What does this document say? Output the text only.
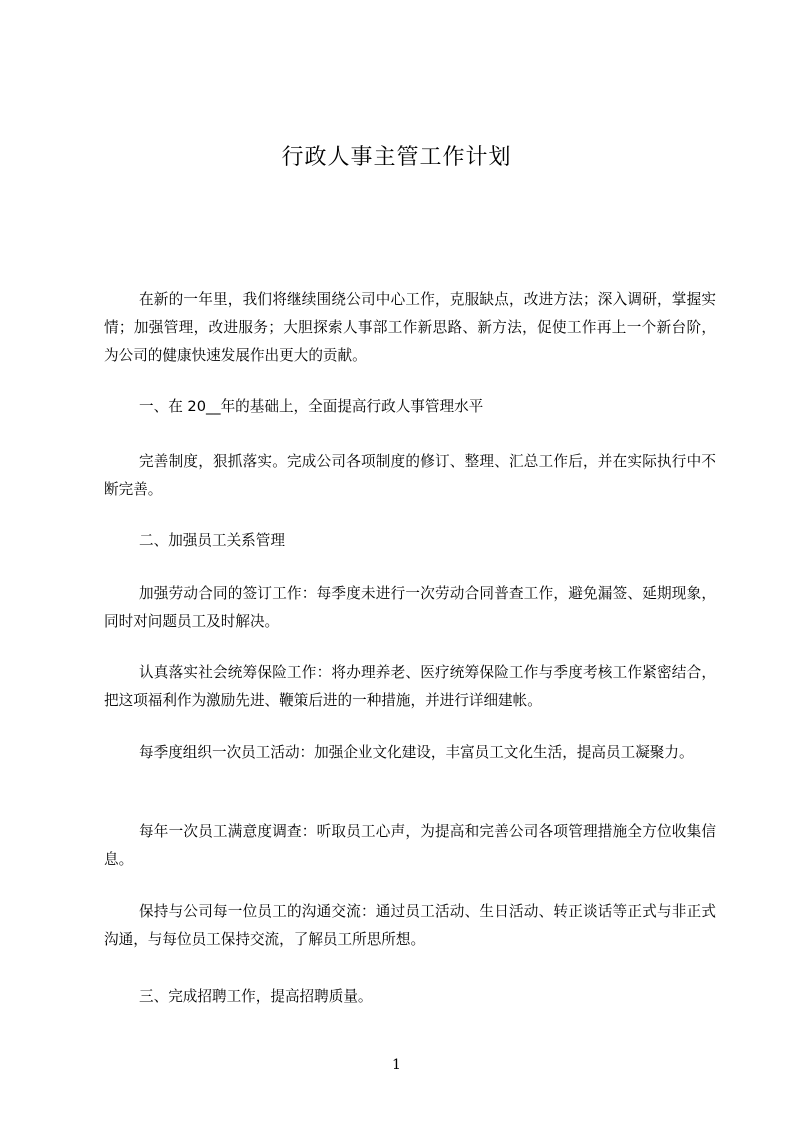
行政人事主管工作计划

在新的一年里，我们将继续围绕公司中心工作，克服缺点，改进方法；深入调研，掌握实情；加强管理，改进服务；大胆探索人事部工作新思路、新方法，促使工作再上一个新台阶，为公司的健康快速发展作出更大的贡献。

一、在 20__年的基础上，全面提高行政人事管理水平

完善制度，狠抓落实。完成公司各项制度的修订、整理、汇总工作后，并在实际执行中不断完善。

二、加强员工关系管理

加强劳动合同的签订工作：每季度未进行一次劳动合同普查工作，避免漏签、延期现象，同时对问题员工及时解决。

认真落实社会统筹保险工作：将办理养老、医疗统筹保险工作与季度考核工作紧密结合，把这项福利作为激励先进、鞭策后进的一种措施，并进行详细建帐。

每季度组织一次员工活动：加强企业文化建设，丰富员工文化生活，提高员工凝聚力。

每年一次员工满意度调查：听取员工心声，为提高和完善公司各项管理措施全方位收集信息。

保持与公司每一位员工的沟通交流：通过员工活动、生日活动、转正谈话等正式与非正式沟通，与每位员工保持交流，了解员工所思所想。

三、完成招聘工作，提高招聘质量。

1
